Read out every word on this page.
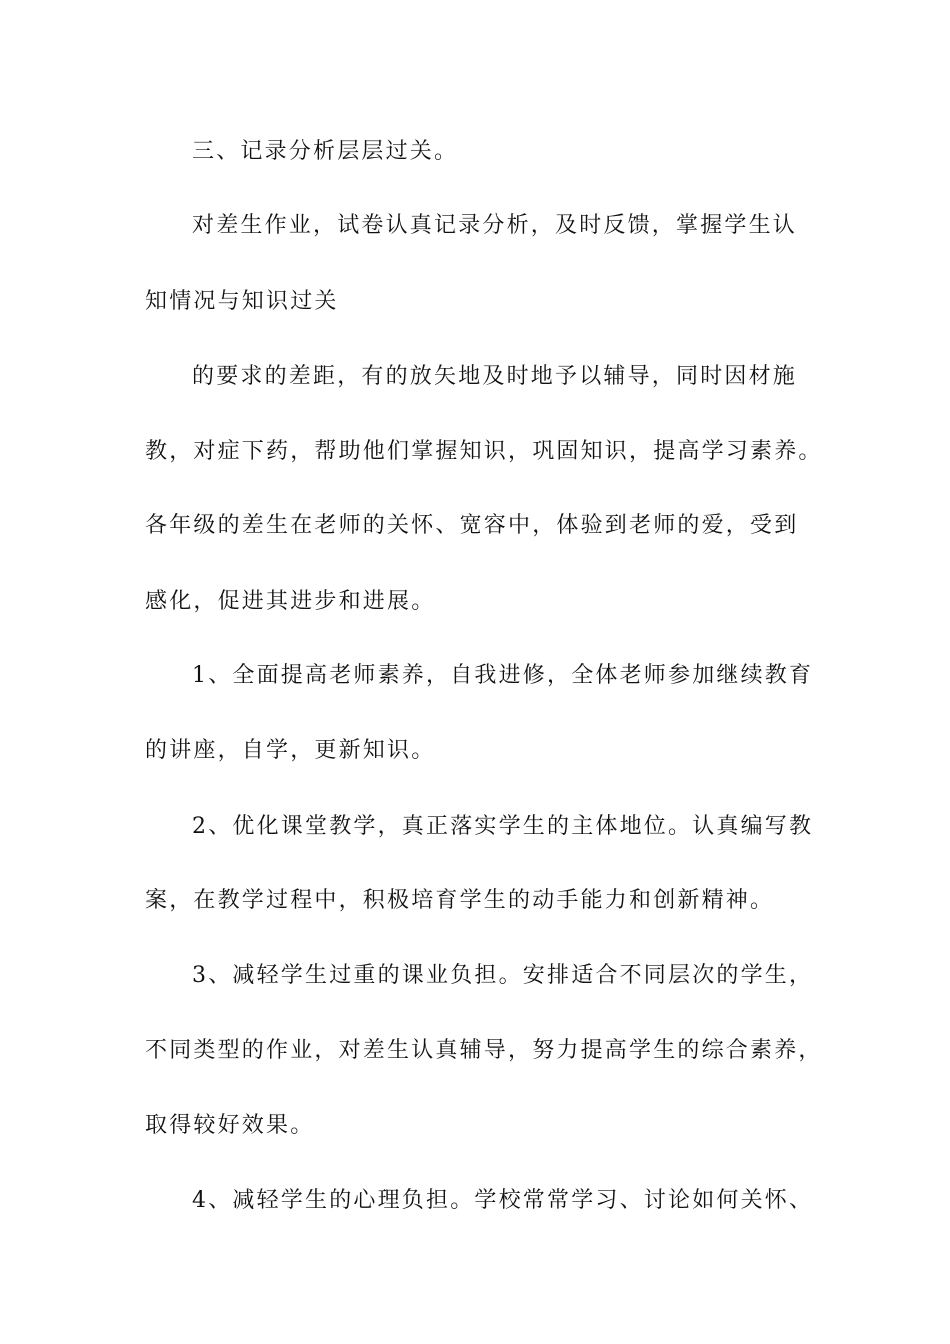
三、记录分析层层过关。
对差生作业，试卷认真记录分析，及时反馈，掌握学生认
知情况与知识过关
的要求的差距，有的放矢地及时地予以辅导，同时因材施
教，对症下药，帮助他们掌握知识，巩固知识，提高学习素养。
各年级的差生在老师的关怀、宽容中，体验到老师的爱，受到
感化，促进其进步和进展。
1、全面提高老师素养，自我进修，全体老师参加继续教育
的讲座，自学，更新知识。
2、优化课堂教学，真正落实学生的主体地位。认真编写教
案，在教学过程中，积极培育学生的动手能力和创新精神。
3、减轻学生过重的课业负担。安排适合不同层次的学生，
不同类型的作业，对差生认真辅导，努力提高学生的综合素养，
取得较好效果。
4、减轻学生的心理负担。学校常常学习、讨论如何关怀、
